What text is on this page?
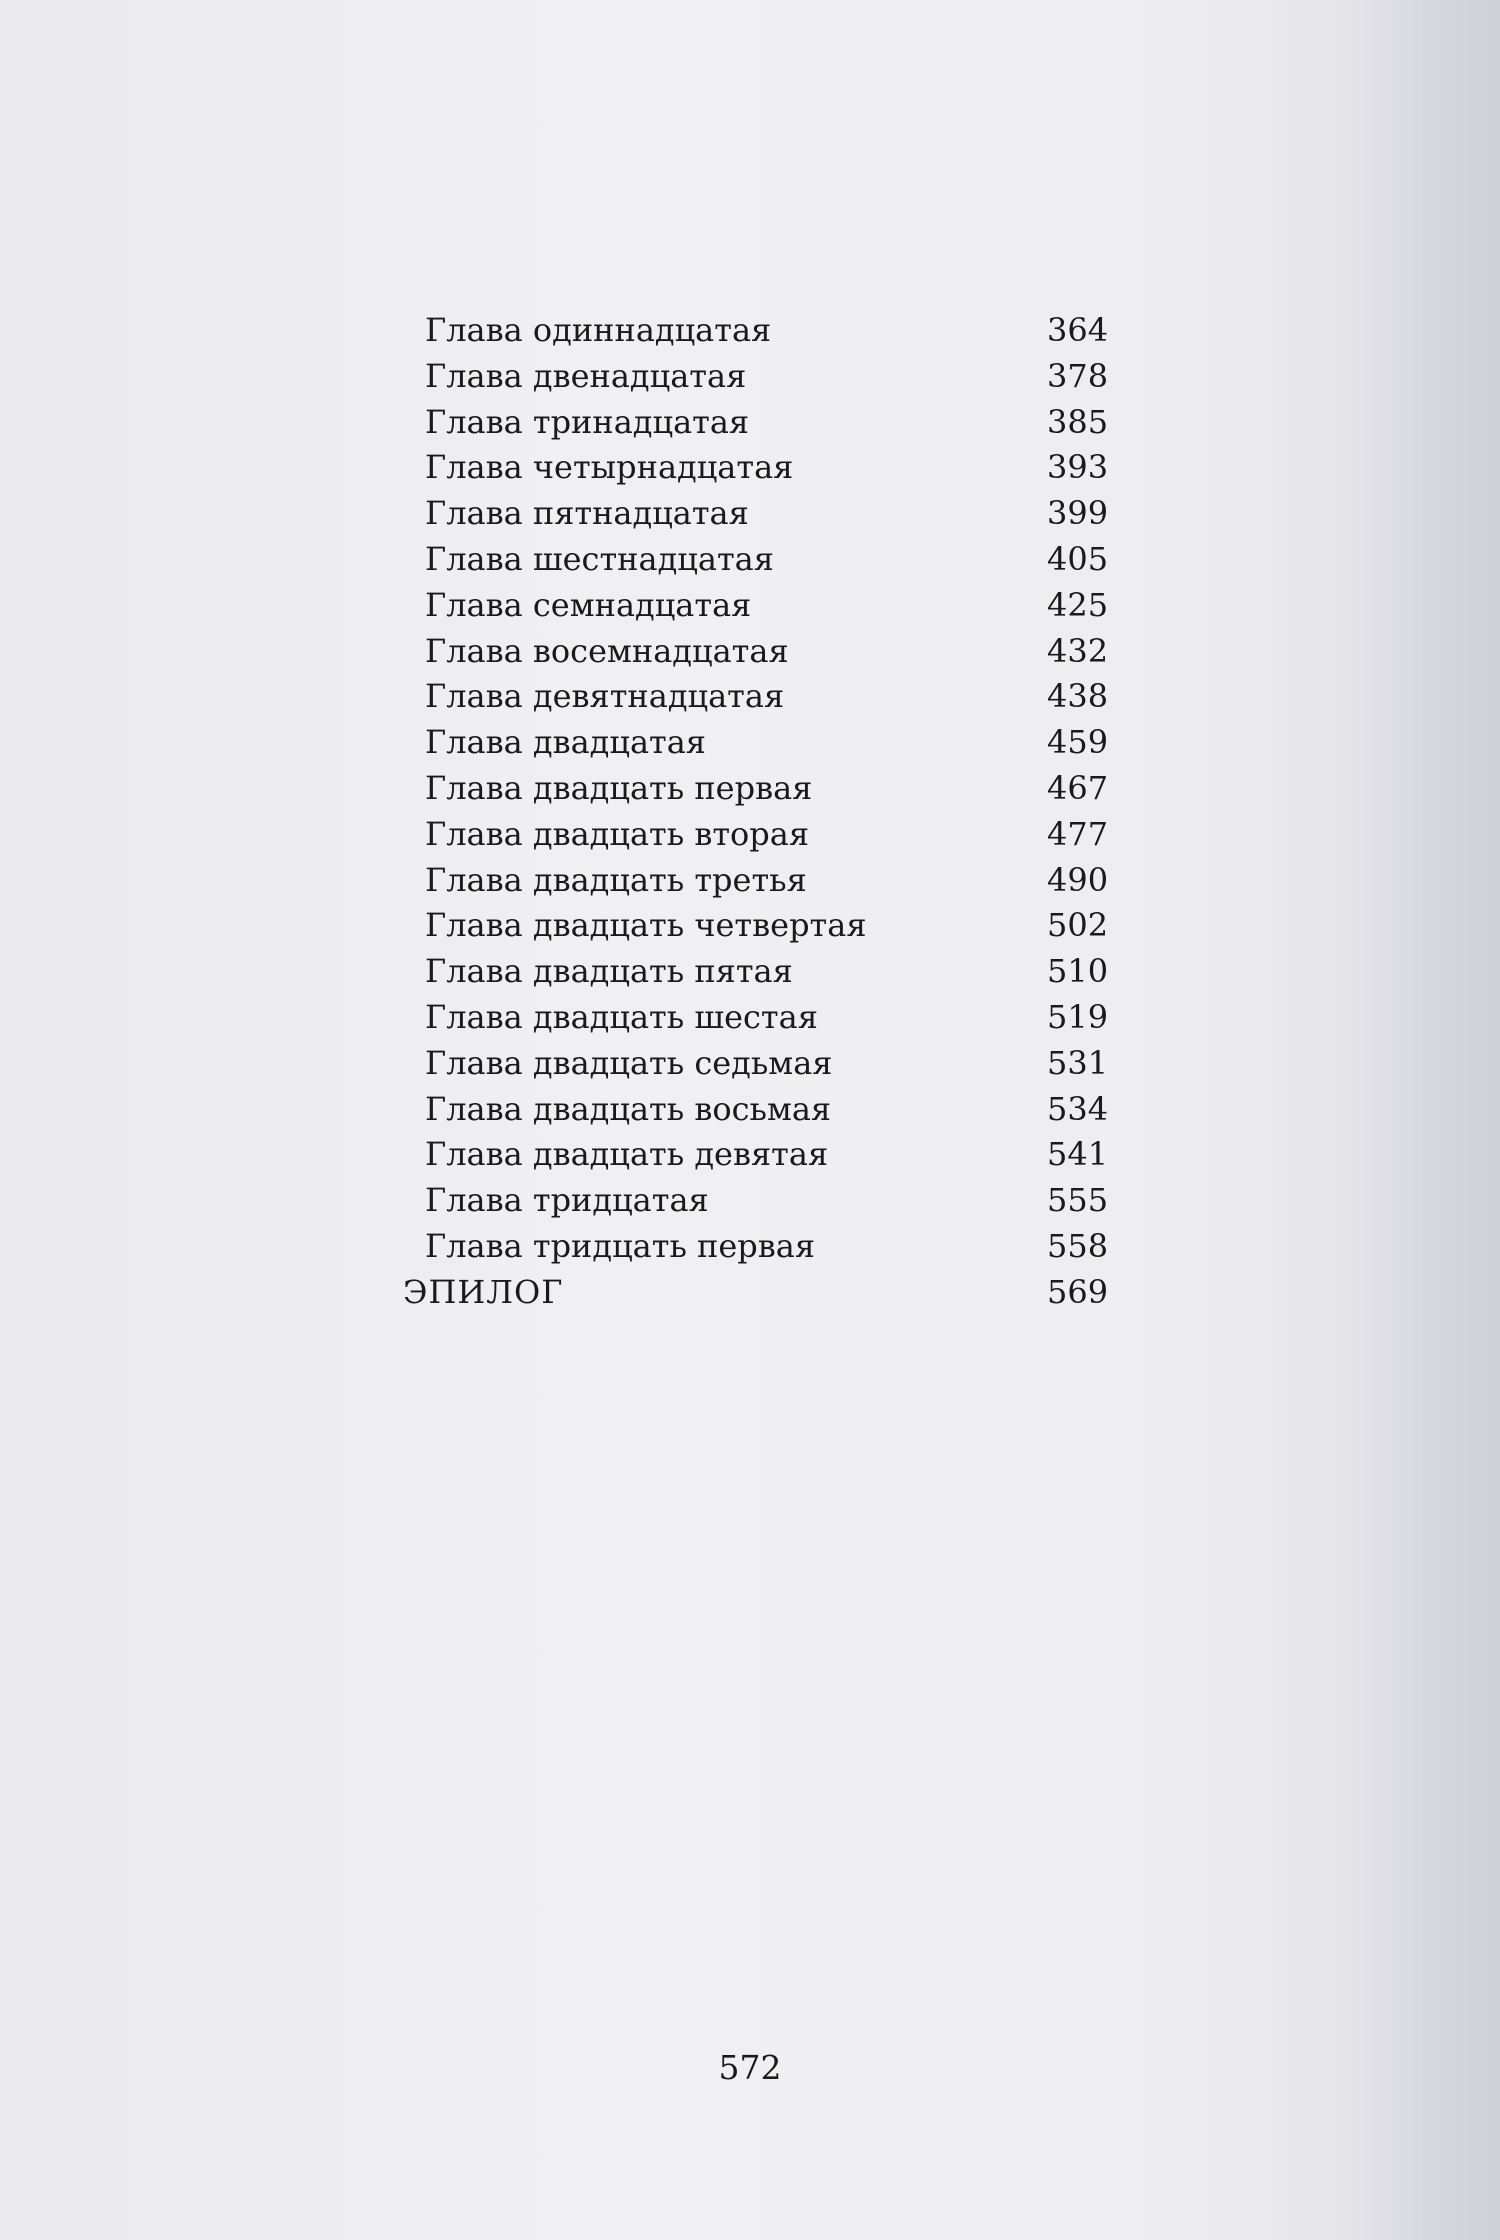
Глава одиннадцатая	364
Глава двенадцатая	378
Глава тринадцатая	385
Глава четырнадцатая	393
Глава пятнадцатая	399
Глава шестнадцатая	405
Глава семнадцатая	425
Глава восемнадцатая	432
Глава девятнадцатая	438
Глава двадцатая	459
Глава двадцать первая	467
Глава двадцать вторая	477
Глава двадцать третья	490
Глава двадцать четвертая	502
Глава двадцать пятая	510
Глава двадцать шестая	519
Глава двадцать седьмая	531
Глава двадцать восьмая	534
Глава двадцать девятая	541
Глава тридцатая	555
Глава тридцать первая	558
ЭПИЛОГ	569
572
